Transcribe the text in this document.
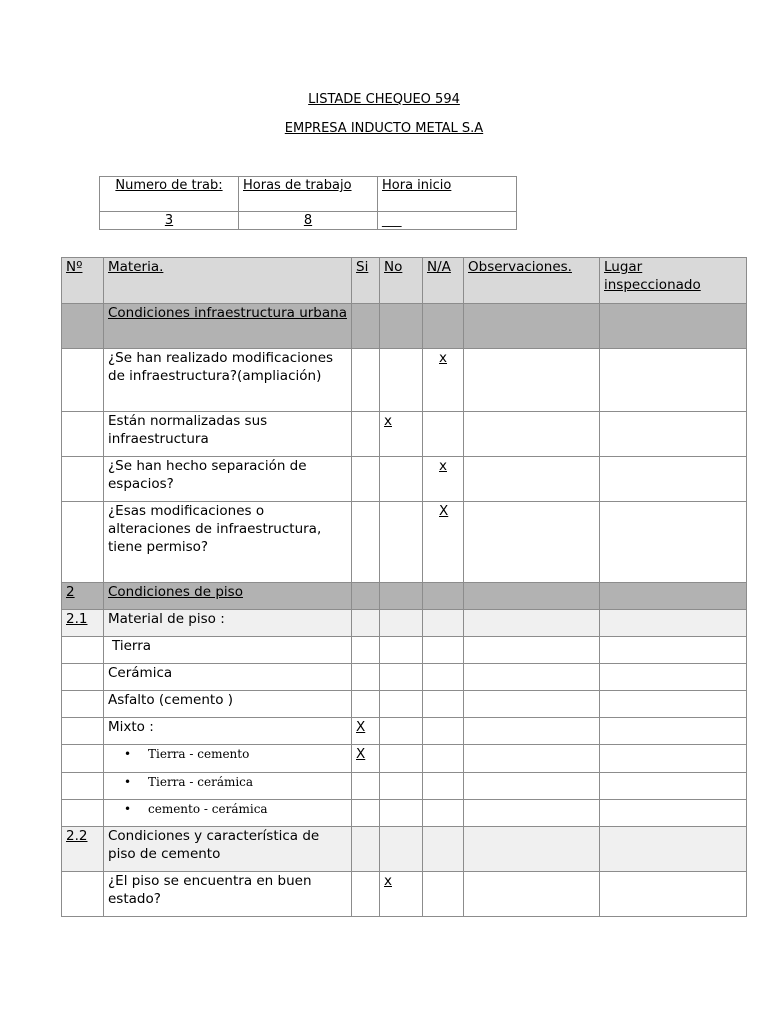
LISTADE CHEQUEO 594
EMPRESA INDUCTO METAL S.A
Numero de trab:	Horas de trabajo	Hora inicio
3	8	___
Nº	Materia.	Si	No	N/A	Observaciones.	Lugar inspeccionado
	Condiciones infraestructura urbana					
	¿Se han realizado modificaciones de infraestructura?(ampliación)			x		
	Están normalizadas sus infraestructura		x			
	¿Se han hecho separación de espacios?			x		
	¿Esas modificaciones o alteraciones de infraestructura, tiene permiso?			X		
2	Condiciones de piso					
2.1	Material de piso :					
	Tierra					
	Cerámica					
	Asfalto (cemento )					
	Mixto :	X				
	• Tierra - cemento	X				
	• Tierra - cerámica					
	• cemento - cerámica					
2.2	Condiciones y característica de piso de cemento					
	¿El piso se encuentra en buen estado?		x			
